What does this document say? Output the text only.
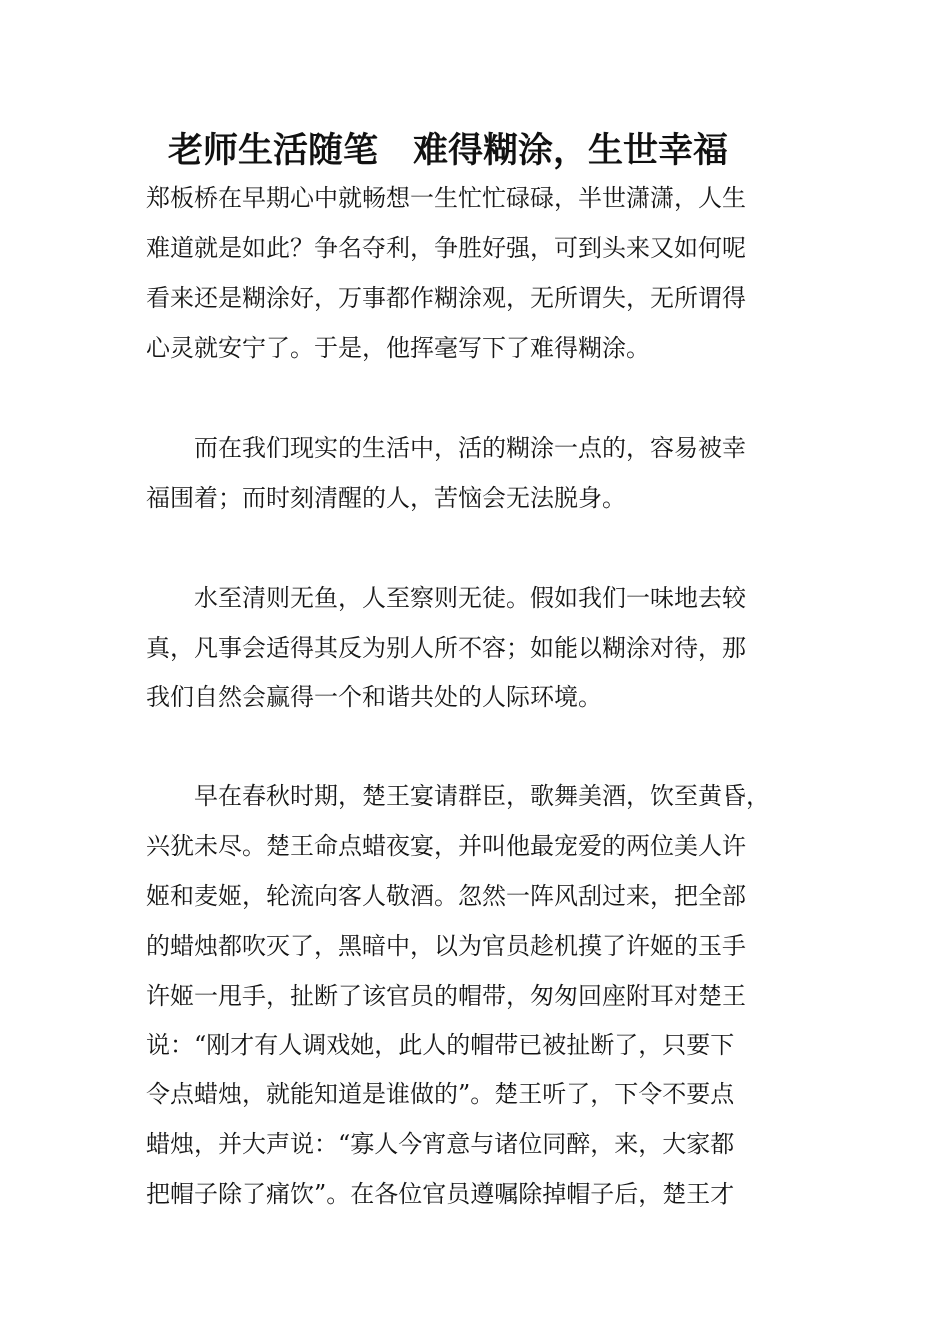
老师生活随笔　难得糊涂，生世幸福

郑板桥在早期心中就畅想一生忙忙碌碌，半世潇潇，人生

难道就是如此？争名夺利，争胜好强，可到头来又如何呢

看来还是糊涂好，万事都作糊涂观，无所谓失，无所谓得

心灵就安宁了。于是，他挥毫写下了难得糊涂。

　　而在我们现实的生活中，活的糊涂一点的，容易被幸

福围着；而时刻清醒的人，苦恼会无法脱身。

　　水至清则无鱼，人至察则无徒。假如我们一味地去较

真，凡事会适得其反为别人所不容；如能以糊涂对待，那

我们自然会赢得一个和谐共处的人际环境。

　　早在春秋时期，楚王宴请群臣，歌舞美酒，饮至黄昏，

兴犹未尽。楚王命点蜡夜宴，并叫他最宠爱的两位美人许

姬和麦姬，轮流向客人敬酒。忽然一阵风刮过来，把全部

的蜡烛都吹灭了，黑暗中，以为官员趁机摸了许姬的玉手

许姬一甩手，扯断了该官员的帽带，匆匆回座附耳对楚王

说：“刚才有人调戏她，此人的帽带已被扯断了，只要下

令点蜡烛，就能知道是谁做的”。楚王听了，下令不要点

蜡烛，并大声说：“寡人今宵意与诸位同醉，来，大家都

把帽子除了痛饮”。在各位官员遵嘱除掉帽子后，楚王才
